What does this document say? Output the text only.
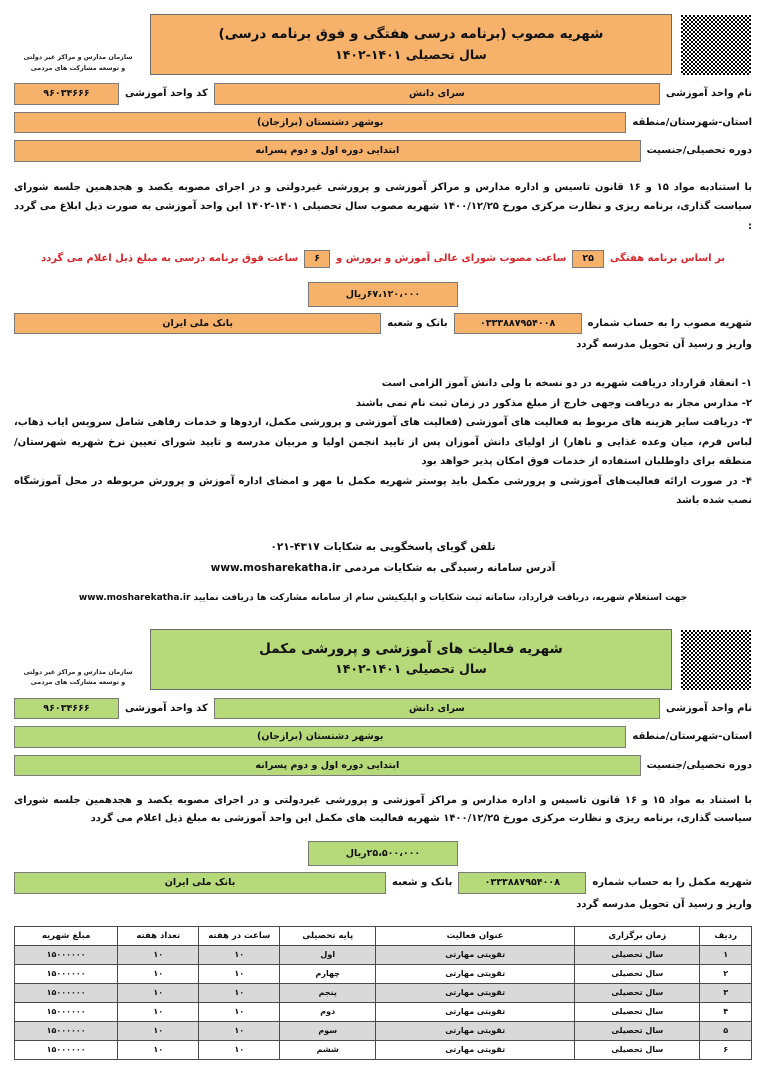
شهریه مصوب (برنامه درسی هفتگی و فوق برنامه درسی)
سال تحصیلی ۱۴۰۱-۱۴۰۲
سازمان مدارس و مراکز غیر دولتی
و توسعه مشارکت های مردمی
نام واحد آموزشی
سرای دانش
کد واحد آموزشی
۹۶۰۳۴۶۶۶
استان-شهرستان/منطقه
بوشهر دشتستان (برازجان)
دوره تحصیلی/جنسیت
ابتدایی دوره اول و دوم پسرانه
با استنادبه مواد ۱۵ و ۱۶ قانون تاسیس و اداره مدارس و مراکز آموزشی و پرورشی غیردولتی و در اجرای مصوبه یکصد و هجدهمین جلسه شورای سیاست گذاری، برنامه ریزی و نظارت مرکزی مورخ ۱۴۰۰/۱۲/۲۵ شهریه مصوب سال تحصیلی ۱۴۰۱-۱۴۰۲ این واحد آموزشی به صورت ذیل ابلاغ می گردد :
بر اساس برنامه هفتگی
۲۵
ساعت مصوب شورای عالی آموزش و پرورش و
۶
ساعت فوق برنامه درسی به مبلغ ذیل اعلام می گردد
۶۷،۱۲۰،۰۰۰ریال
شهریه مصوب را به حساب شماره
۰۳۳۳۸۸۷۹۵۴۰۰۸
بانک و شعبه
بانک ملی ایران
واریز و رسید آن تحویل مدرسه گردد

۱- انعقاد قرارداد دریافت شهریه در دو نسخه با ولی دانش آموز الزامی است

۲- مدارس مجاز به دریافت وجهی خارج از مبلغ مذکور در زمان ثبت نام نمی باشند

۳- دریافت سایر هزینه های مربوط به فعالیت های آموزشی (فعالیت های آموزشی و پرورشی مکمل، اردوها و خدمات رفاهی شامل سرویس ایاب ذهاب، لباس فرم، میان وعده غذایی و ناهار) از اولیای دانش آموزان پس از تایید انجمن اولیا و مربیان مدرسه و تایید شورای تعیین نرخ شهریه شهرستان/ منطقه برای داوطلبان استفاده از خدمات فوق امکان پذیر خواهد بود

۴- در صورت ارائه فعالیت‌های آموزشی و پرورشی مکمل باید پوستر شهریه مکمل با مهر و امضای اداره آموزش و پرورش مربوطه در محل آموزشگاه نصب شده باشد

تلفن گویای پاسخگویی به شکایات ۰۲۱-۴۳۱۷
آدرس سامانه رسیدگی به شکایات مردمی www.mosharekatha.ir
جهت استعلام شهریه، دریافت قرارداد، سامانه ثبت شکایات و اپلیکیشن سام از سامانه مشارکت ها دریافت نمایید www.mosharekatha.ir
شهریه فعالیت های آموزشی و پرورشی مکمل
سال تحصیلی ۱۴۰۱-۱۴۰۲
سازمان مدارس و مراکز غیر دولتی
و توسعه مشارکت های مردمی
نام واحد آموزشی
سرای دانش
کد واحد آموزشی
۹۶۰۳۴۶۶۶
استان-شهرستان/منطقه
بوشهر دشتستان (برازجان)
دوره تحصیلی/جنسیت
ابتدایی دوره اول و دوم پسرانه
با استناد به مواد ۱۵ و ۱۶ قانون تاسیس و اداره مدارس و مراکز آموزشی و پرورشی غیردولتی و در اجرای مصوبه یکصد و هجدهمین جلسه شورای سیاست گذاری، برنامه ریزی و نظارت مرکزی مورخ ۱۴۰۰/۱۲/۲۵ شهریه فعالیت های مکمل این واحد آموزشی به مبلغ ذیل اعلام می گردد
۲۵،۵۰۰،۰۰۰ریال
شهریه مکمل را به حساب شماره
۰۳۳۳۸۸۷۹۵۴۰۰۸
بانک و شعبه
بانک ملی ایران
واریز و رسید آن تحویل مدرسه گردد
ردیف	زمان برگزاری	عنوان فعالیت	پایه تحصیلی	ساعت در هفته	تعداد هفته	مبلغ شهریه
۱	سال تحصیلی	تقویتی مهارتی	اول	۱۰	۱۰	۱۵۰۰۰۰۰۰
۲	سال تحصیلی	تقویتی مهارتی	چهارم	۱۰	۱۰	۱۵۰۰۰۰۰۰
۳	سال تحصیلی	تقویتی مهارتی	پنجم	۱۰	۱۰	۱۵۰۰۰۰۰۰
۴	سال تحصیلی	تقویتی مهارتی	دوم	۱۰	۱۰	۱۵۰۰۰۰۰۰
۵	سال تحصیلی	تقویتی مهارتی	سوم	۱۰	۱۰	۱۵۰۰۰۰۰۰
۶	سال تحصیلی	تقویتی مهارتی	ششم	۱۰	۱۰	۱۵۰۰۰۰۰۰
